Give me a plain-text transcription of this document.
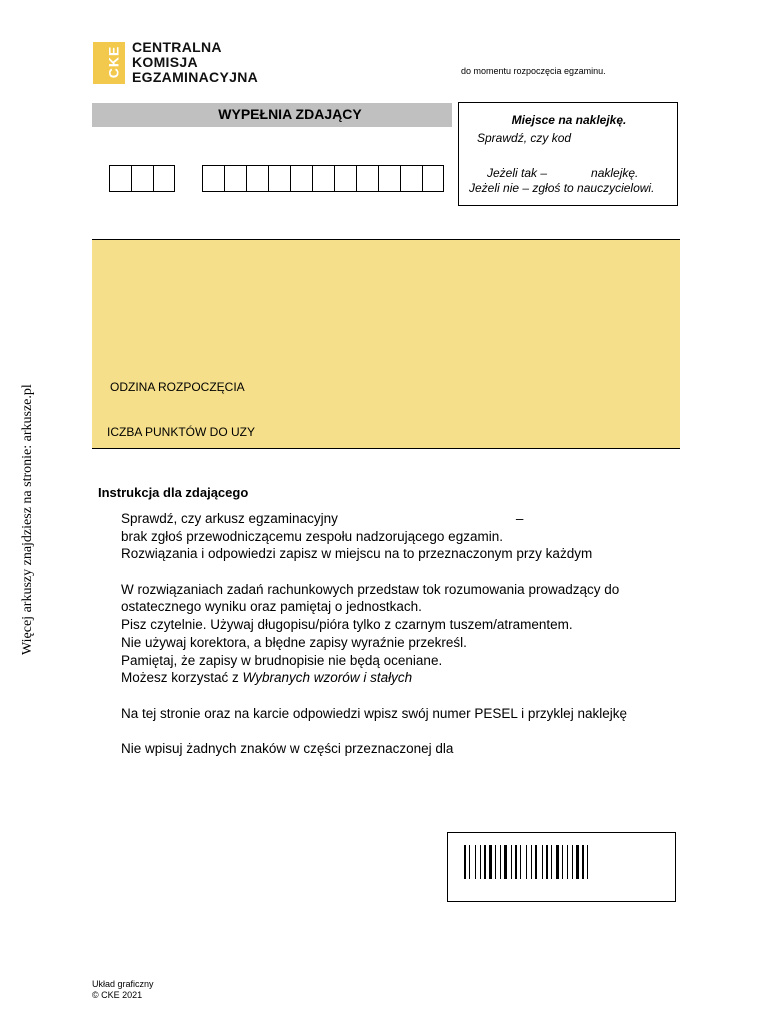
CKE CENTRALNA
KOMISJA
EGZAMINACYJNA	do momentu rozpoczęcia egzaminu.
WYPEŁNIA ZDAJĄCY	Miejsce na naklejkę.
Sprawdź, czy kod
Jeżeli tak –	naklejkę.
Jeżeli nie – zgłoś to nauczycielowi.
ODZINA ROZPOCZĘCIA
ICZBA PUNKTÓW DO UZY
Więcej arkuszy znajdziesz na stronie: arkusze.pl	Instrukcja dla zdającego
Sprawdź, czy arkusz egzaminacyjny	–
brak zgłoś przewodniczącemu zespołu nadzorującego egzamin.
Rozwiązania i odpowiedzi zapisz w miejscu na to przeznaczonym przy każdym
W rozwiązaniach zadań rachunkowych przedstaw tok rozumowania prowadzący do
ostatecznego wyniku oraz pamiętaj o jednostkach.
Pisz czytelnie. Używaj długopisu/pióra tylko z czarnym tuszem/atramentem.
Nie używaj korektora, a błędne zapisy wyraźnie przekreśl.
Pamiętaj, że zapisy w brudnopisie nie będą oceniane.
Możesz korzystać z Wybranych wzorów i stałych
Na tej stronie oraz na karcie odpowiedzi wpisz swój numer PESEL i przyklej naklejkę
Nie wpisuj żadnych znaków w części przeznaczonej dla
Układ graficzny
© CKE 2021
